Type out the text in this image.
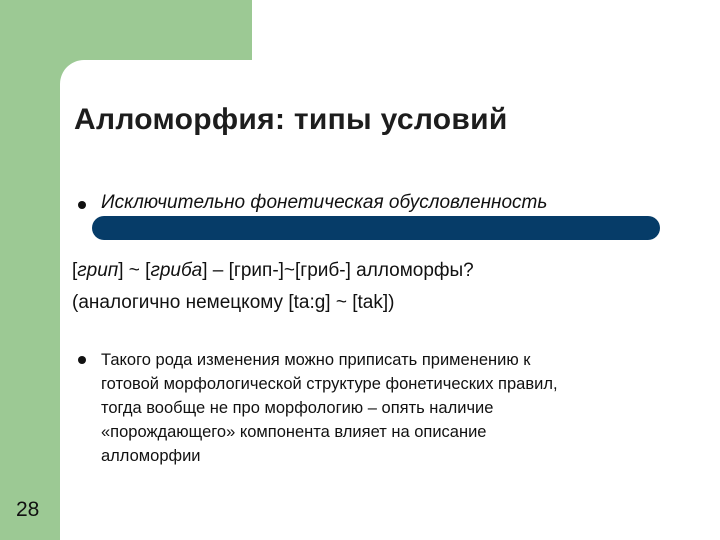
Алломорфия: типы условий
Исключительно фонетическая обусловленность
[грип] ~ [гриба] – [грип-]~[гриб-] алломорфы?
(аналогично немецкому [ta:g] ~ [tak])
Такого рода изменения можно приписать применению к
готовой морфологической структуре фонетических правил,
тогда вообще не про морфологию – опять наличие
«порождающего» компонента влияет на описание
алломорфии
28
